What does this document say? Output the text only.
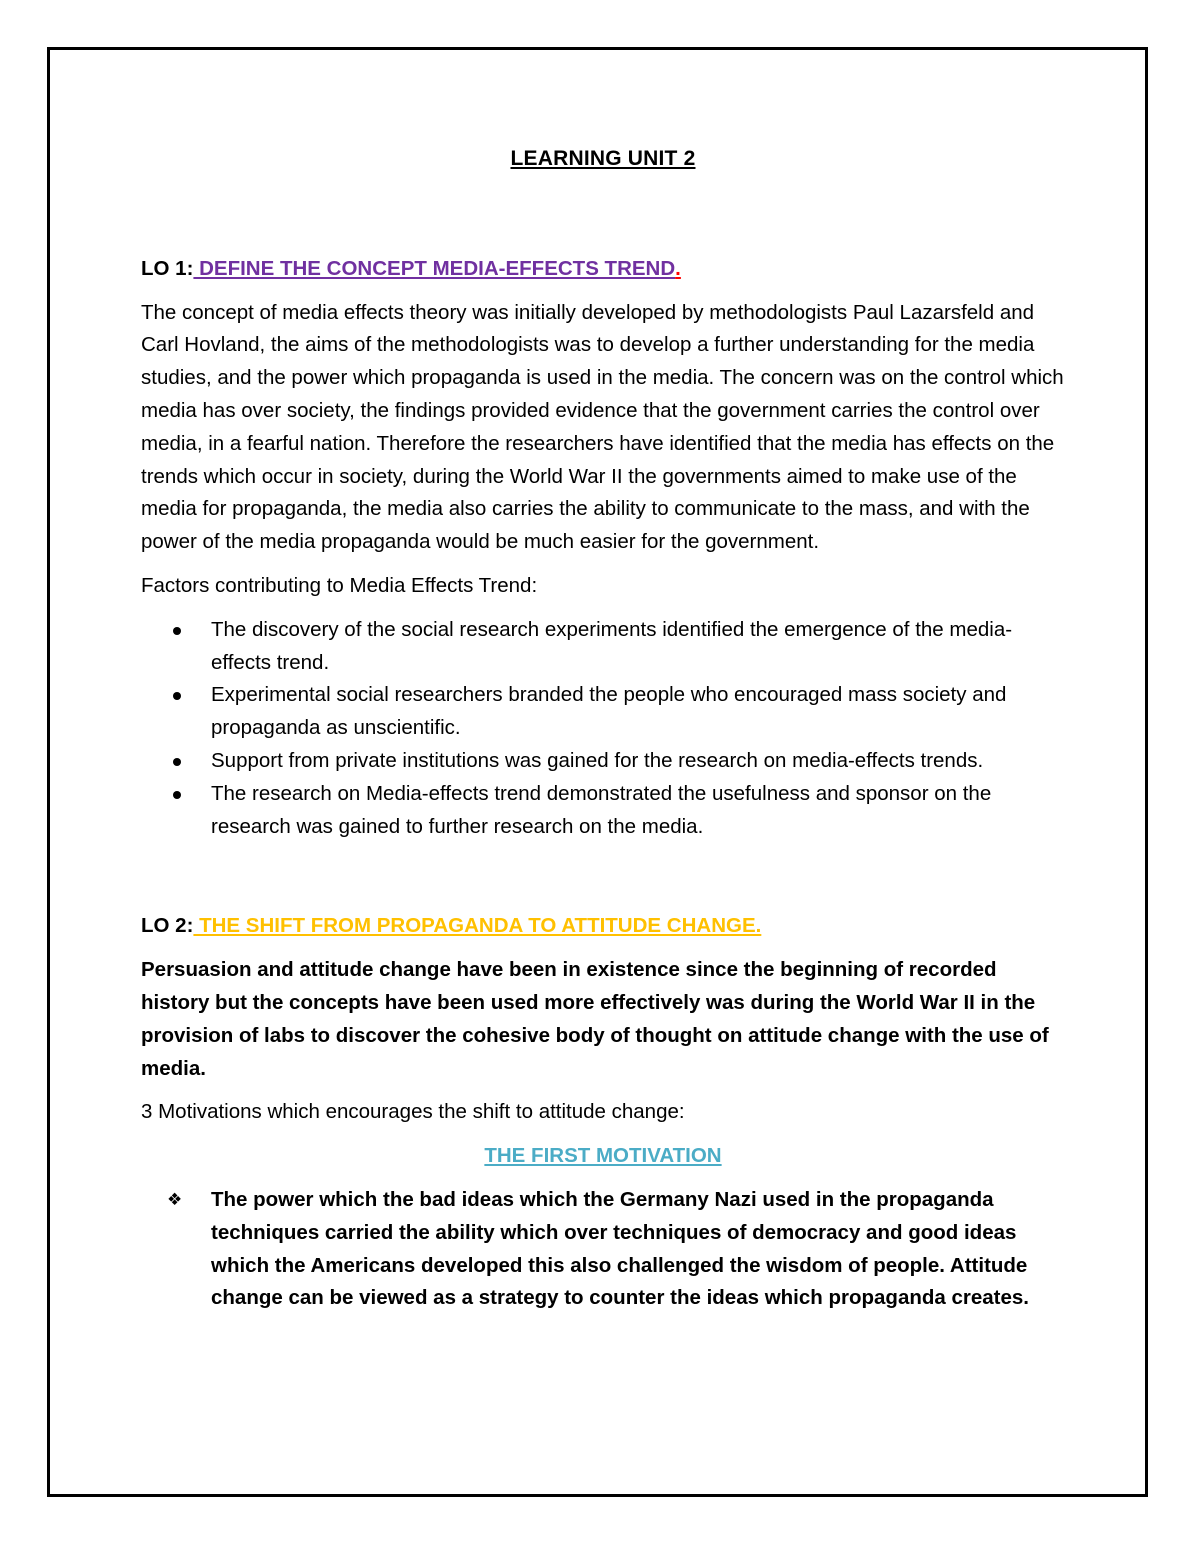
LEARNING UNIT 2
LO 1: DEFINE THE CONCEPT MEDIA-EFFECTS TREND.

The concept of media effects theory was initially developed by methodologists Paul Lazarsfeld and Carl Hovland, the aims of the methodologists was to develop a further understanding for the media studies, and the power which propaganda is used in the media. The concern was on the control which media has over society, the findings provided evidence that the government carries the control over media, in a fearful nation. Therefore the researchers have identified that the media has effects on the trends which occur in society, during the World War II the governments aimed to make use of the media for propaganda, the media also carries the ability to communicate to the mass, and with the power of the media propaganda would be much easier for the government.

Factors contributing to Media Effects Trend:

The discovery of the social research experiments identified the emergence of the media-effects trend.
Experimental social researchers branded the people who encouraged mass society and propaganda as unscientific.
Support from private institutions was gained for the research on media-effects trends.
The research on Media-effects trend demonstrated the usefulness and sponsor on the research was gained to further research on the media.
LO 2: THE SHIFT FROM PROPAGANDA TO ATTITUDE CHANGE.

Persuasion and attitude change have been in existence since the beginning of recorded history but the concepts have been used more effectively was during the World War II in the provision of labs to discover the cohesive body of thought on attitude change with the use of media.

3 Motivations which encourages the shift to attitude change:

THE FIRST MOTIVATION
❖ The power which the bad ideas which the Germany Nazi used in the propaganda techniques carried the ability which over techniques of democracy and good ideas which the Americans developed this also challenged the wisdom of people. Attitude change can be viewed as a strategy to counter the ideas which propaganda creates.
